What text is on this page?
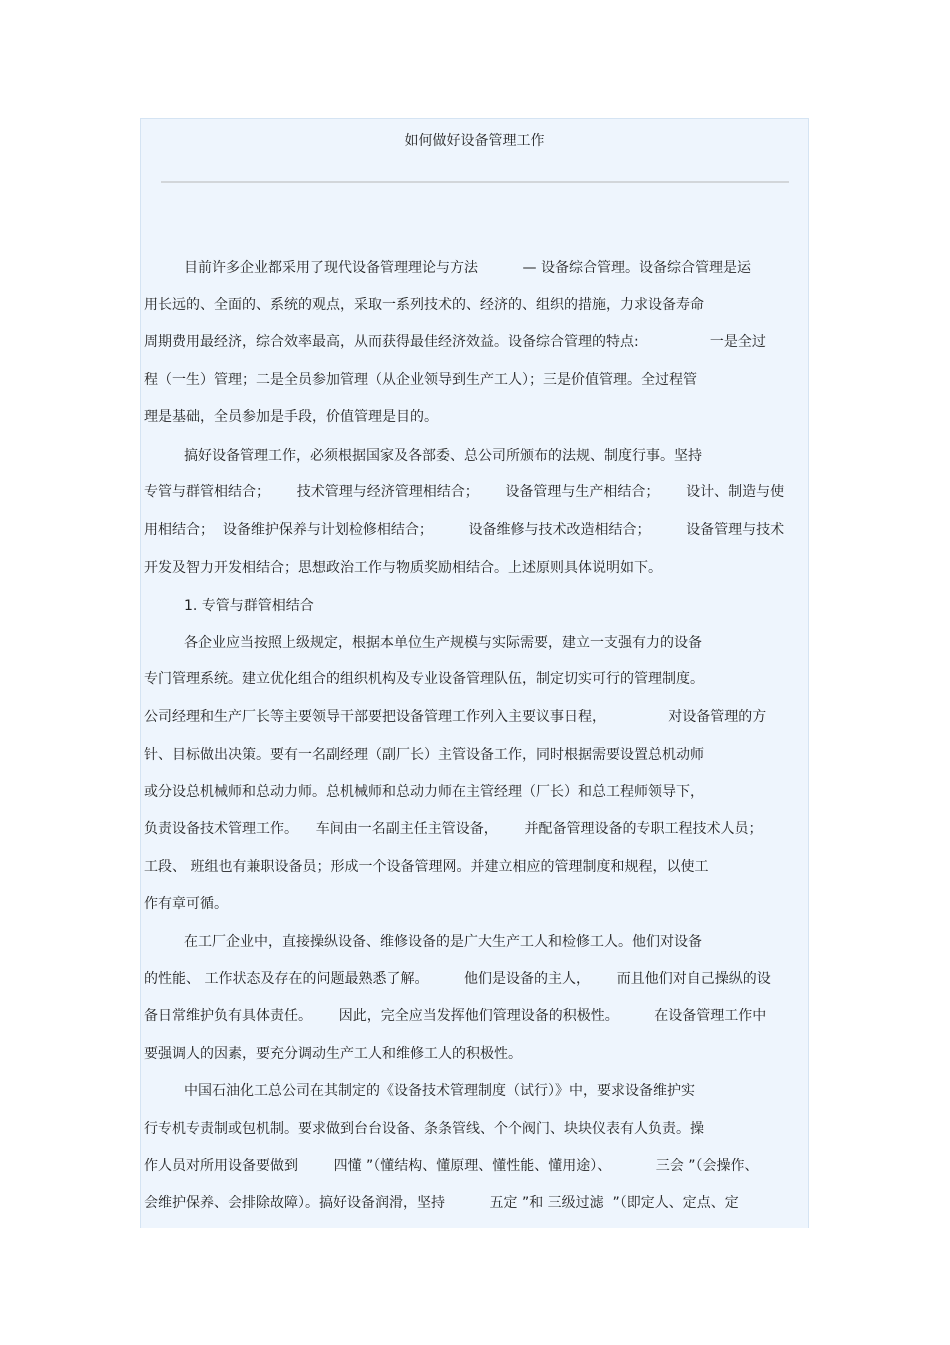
如何做好设备管理工作
目前许多企业都采用了现代设备管理理论与方法          — 设备综合管理。设备综合管理是运
用长远的、全面的、系统的观点，采取一系列技术的、经济的、组织的措施，力求设备寿命
周期费用最经济，综合效率最高，从而获得最佳经济效益。设备综合管理的特点:                一是全过
程（一生）管理；二是全员参加管理（从企业领导到生产工人）；三是价值管理。全过程管
理是基础，全员参加是手段，价值管理是目的。
搞好设备管理工作，必须根据国家及各部委、总公司所颁布的法规、制度行事。坚持
专管与群管相结合；      技术管理与经济管理相结合；      设备管理与生产相结合；      设计、制造与使
用相结合；  设备维护保养与计划检修相结合；        设备维修与技术改造相结合；        设备管理与技术
开发及智力开发相结合；思想政治工作与物质奖励相结合。上述原则具体说明如下。
1. 专管与群管相结合
各企业应当按照上级规定，根据本单位生产规模与实际需要，建立一支强有力的设备
专门管理系统。建立优化组合的组织机构及专业设备管理队伍，制定切实可行的管理制度。
公司经理和生产厂长等主要领导干部要把设备管理工作列入主要议事日程，              对设备管理的方
针、目标做出决策。要有一名副经理（副厂长）主管设备工作，同时根据需要设置总机动师
或分设总机械师和总动力师。总机械师和总动力师在主管经理（厂长）和总工程师领导下，
负责设备技术管理工作。    车间由一名副主任主管设备，      并配备管理设备的专职工程技术人员；
工段、 班组也有兼职设备员；形成一个设备管理网。并建立相应的管理制度和规程，以使工
作有章可循。
在工厂企业中，直接操纵设备、维修设备的是广大生产工人和检修工人。他们对设备
的性能、 工作状态及存在的问题最熟悉了解。        他们是设备的主人，      而且他们对自己操纵的设
备日常维护负有具体责任。      因此，完全应当发挥他们管理设备的积极性。        在设备管理工作中
要强调人的因素，要充分调动生产工人和维修工人的积极性。
中国石油化工总公司在其制定的《设备技术管理制度（试行）》中，要求设备维护实
行专机专责制或包机制。要求做到台台设备、条条管线、个个阀门、块块仪表有人负责。操
作人员对所用设备要做到        四懂 ”（懂结构、懂原理、懂性能、懂用途）、          三会 ”（会操作、
会维护保养、会排除故障）。搞好设备润滑，坚持          五定 ”和 三级过滤  ”（即定人、定点、定
